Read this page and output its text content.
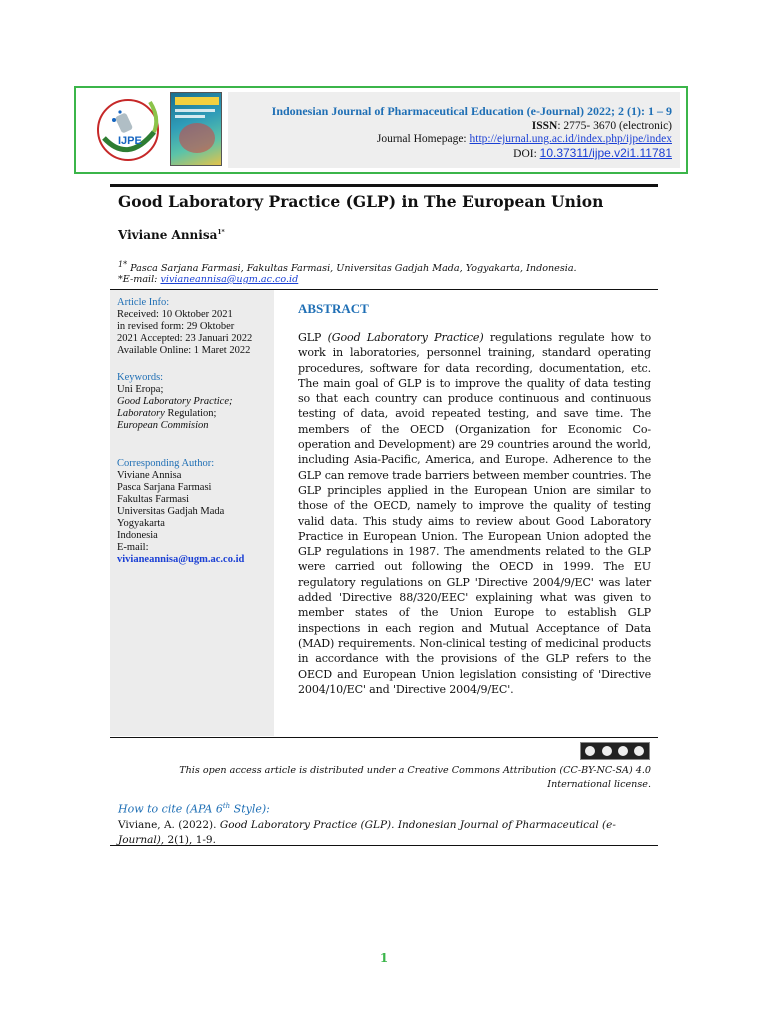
IJPE
Indonesian Journal of Pharmaceutical Education (e-Journal) 2022; 2 (1): 1 – 9
ISSN: 2775- 3670 (electronic)
Journal Homepage: http://ejurnal.ung.ac.id/index.php/ijpe/index
DOI: 10.37311/ijpe.v2i1.11781
Good Laboratory Practice (GLP) in The European Union
Viviane Annisa$^{1*}$
$^{1*}$ Pasca Sarjana Farmasi, Fakultas Farmasi, Universitas Gadjah Mada, Yogyakarta, Indonesia.
*E-mail: vivianeannisa@ugm.ac.co.id
Article Info:
Received: 10 Oktober 2021
in revised form: 29 Oktober
2021 Accepted: 23 Januari 2022
Available Online: 1 Maret 2022
Keywords:
Uni Eropa;
Good Laboratory Practice;
Laboratory Regulation;
European Commision
Corresponding Author:
Viviane Annisa
Pasca Sarjana Farmasi
Fakultas Farmasi
Universitas Gadjah Mada
Yogyakarta
Indonesia
E-mail:
vivianeannisa@ugm.ac.co.id
ABSTRACT
GLP (Good Laboratory Practice) regulations regulate how to work in laboratories, personnel training, standard operating procedures, software for data recording, documentation, etc. The main goal of GLP is to improve the quality of data testing so that each country can produce continuous and continuous testing of data, avoid repeated testing, and save time. The members of the OECD (Organization for Economic Co-operation and Development) are 29 countries around the world, including Asia-Pacific, America, and Europe. Adherence to the GLP can remove trade barriers between member countries. The GLP principles applied in the European Union are similar to those of the OECD, namely to improve the quality of testing valid data. This study aims to review about Good Laboratory Practice in European Union. The European Union adopted the GLP regulations in 1987. The amendments related to the GLP were carried out following the OECD in 1999. The EU regulatory regulations on GLP 'Directive 2004/9/EC' was later added 'Directive 88/320/EEC' explaining what was given to member states of the Union Europe to establish GLP inspections in each region and Mutual Acceptance of Data (MAD) requirements. Non-clinical testing of medicinal products in accordance with the provisions of the GLP refers to the OECD and European Union legislation consisting of 'Directive 2004/10/EC' and 'Directive 2004/9/EC'.
This open access article is distributed under a Creative Commons Attribution (CC-BY-NC-SA) 4.0 International license.
How to cite (APA 6th Style):
Viviane, A. (2022). Good Laboratory Practice (GLP). Indonesian Journal of Pharmaceutical (e-Journal), 2(1), 1-9.
1
